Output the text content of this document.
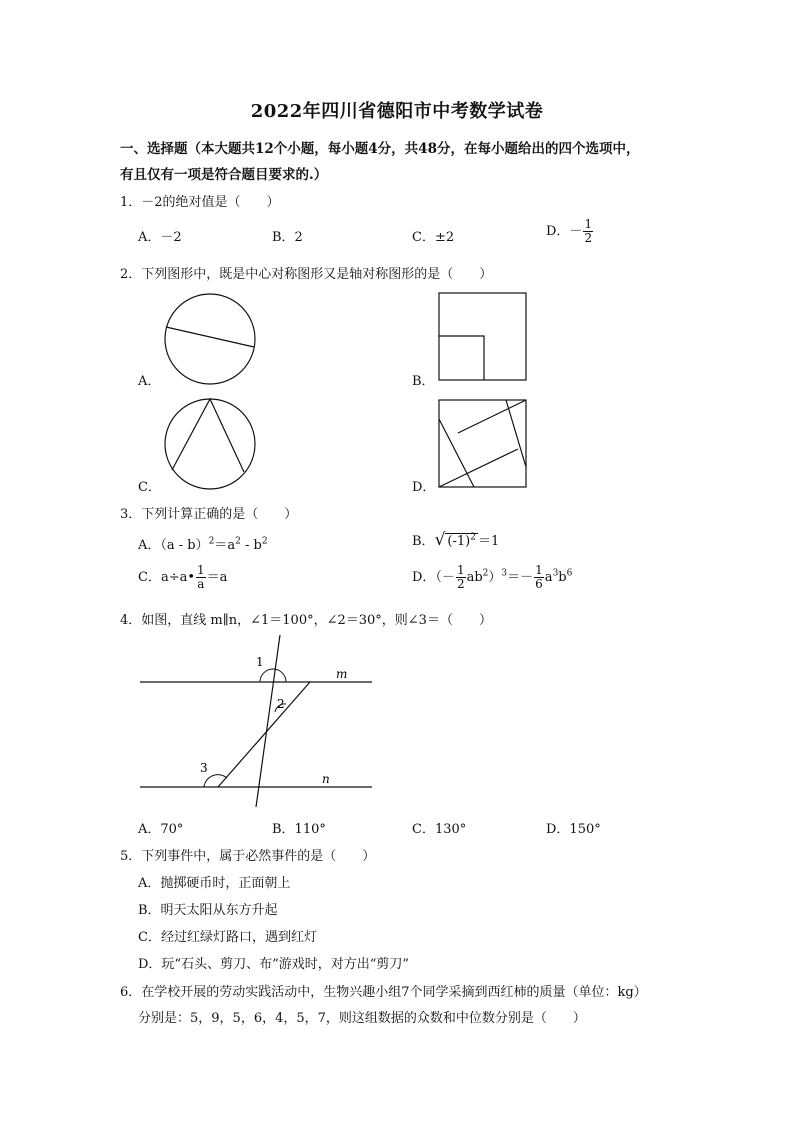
2022年四川省德阳市中考数学试卷
一、选择题（本大题共12个小题，每小题4分，共48分，在每小题给出的四个选项中，
有且仅有一项是符合题目要求的.）
1．－2的绝对值是（　　）
A．－2	B．2	C．±2	D．－ $\frac{1}{2}$
2．下列图形中，既是中心对称图形又是轴对称图形的是（　　）
A．	B．
C．	D．
3．下列计算正确的是（　　）
A．$(a - b)^2=a^2 - b^2$	B．√ $(-1)^2 =1$
C．a÷a• $\frac{1}{a} =a$	D．（－ $\frac{1}{2} ab^2)^3=- \frac{1}{6} a^3b^6$
4．如图，直线 m∥n，∠1＝100°，∠2＝30°，则∠3＝（　　）
1
2
3
m
n
A．70°	B．110°	C．130°	D．150°
5．下列事件中，属于必然事件的是（　　）
A．抛掷硬币时，正面朝上
B．明天太阳从东方升起
C．经过红绿灯路口，遇到红灯
D．玩“石头、剪刀、布”游戏时，对方出“剪刀”
6．在学校开展的劳动实践活动中，生物兴趣小组7个同学采摘到西红柿的质量（单位：kg）
分别是：5，9，5，6，4，5，7，则这组数据的众数和中位数分别是（　　）
